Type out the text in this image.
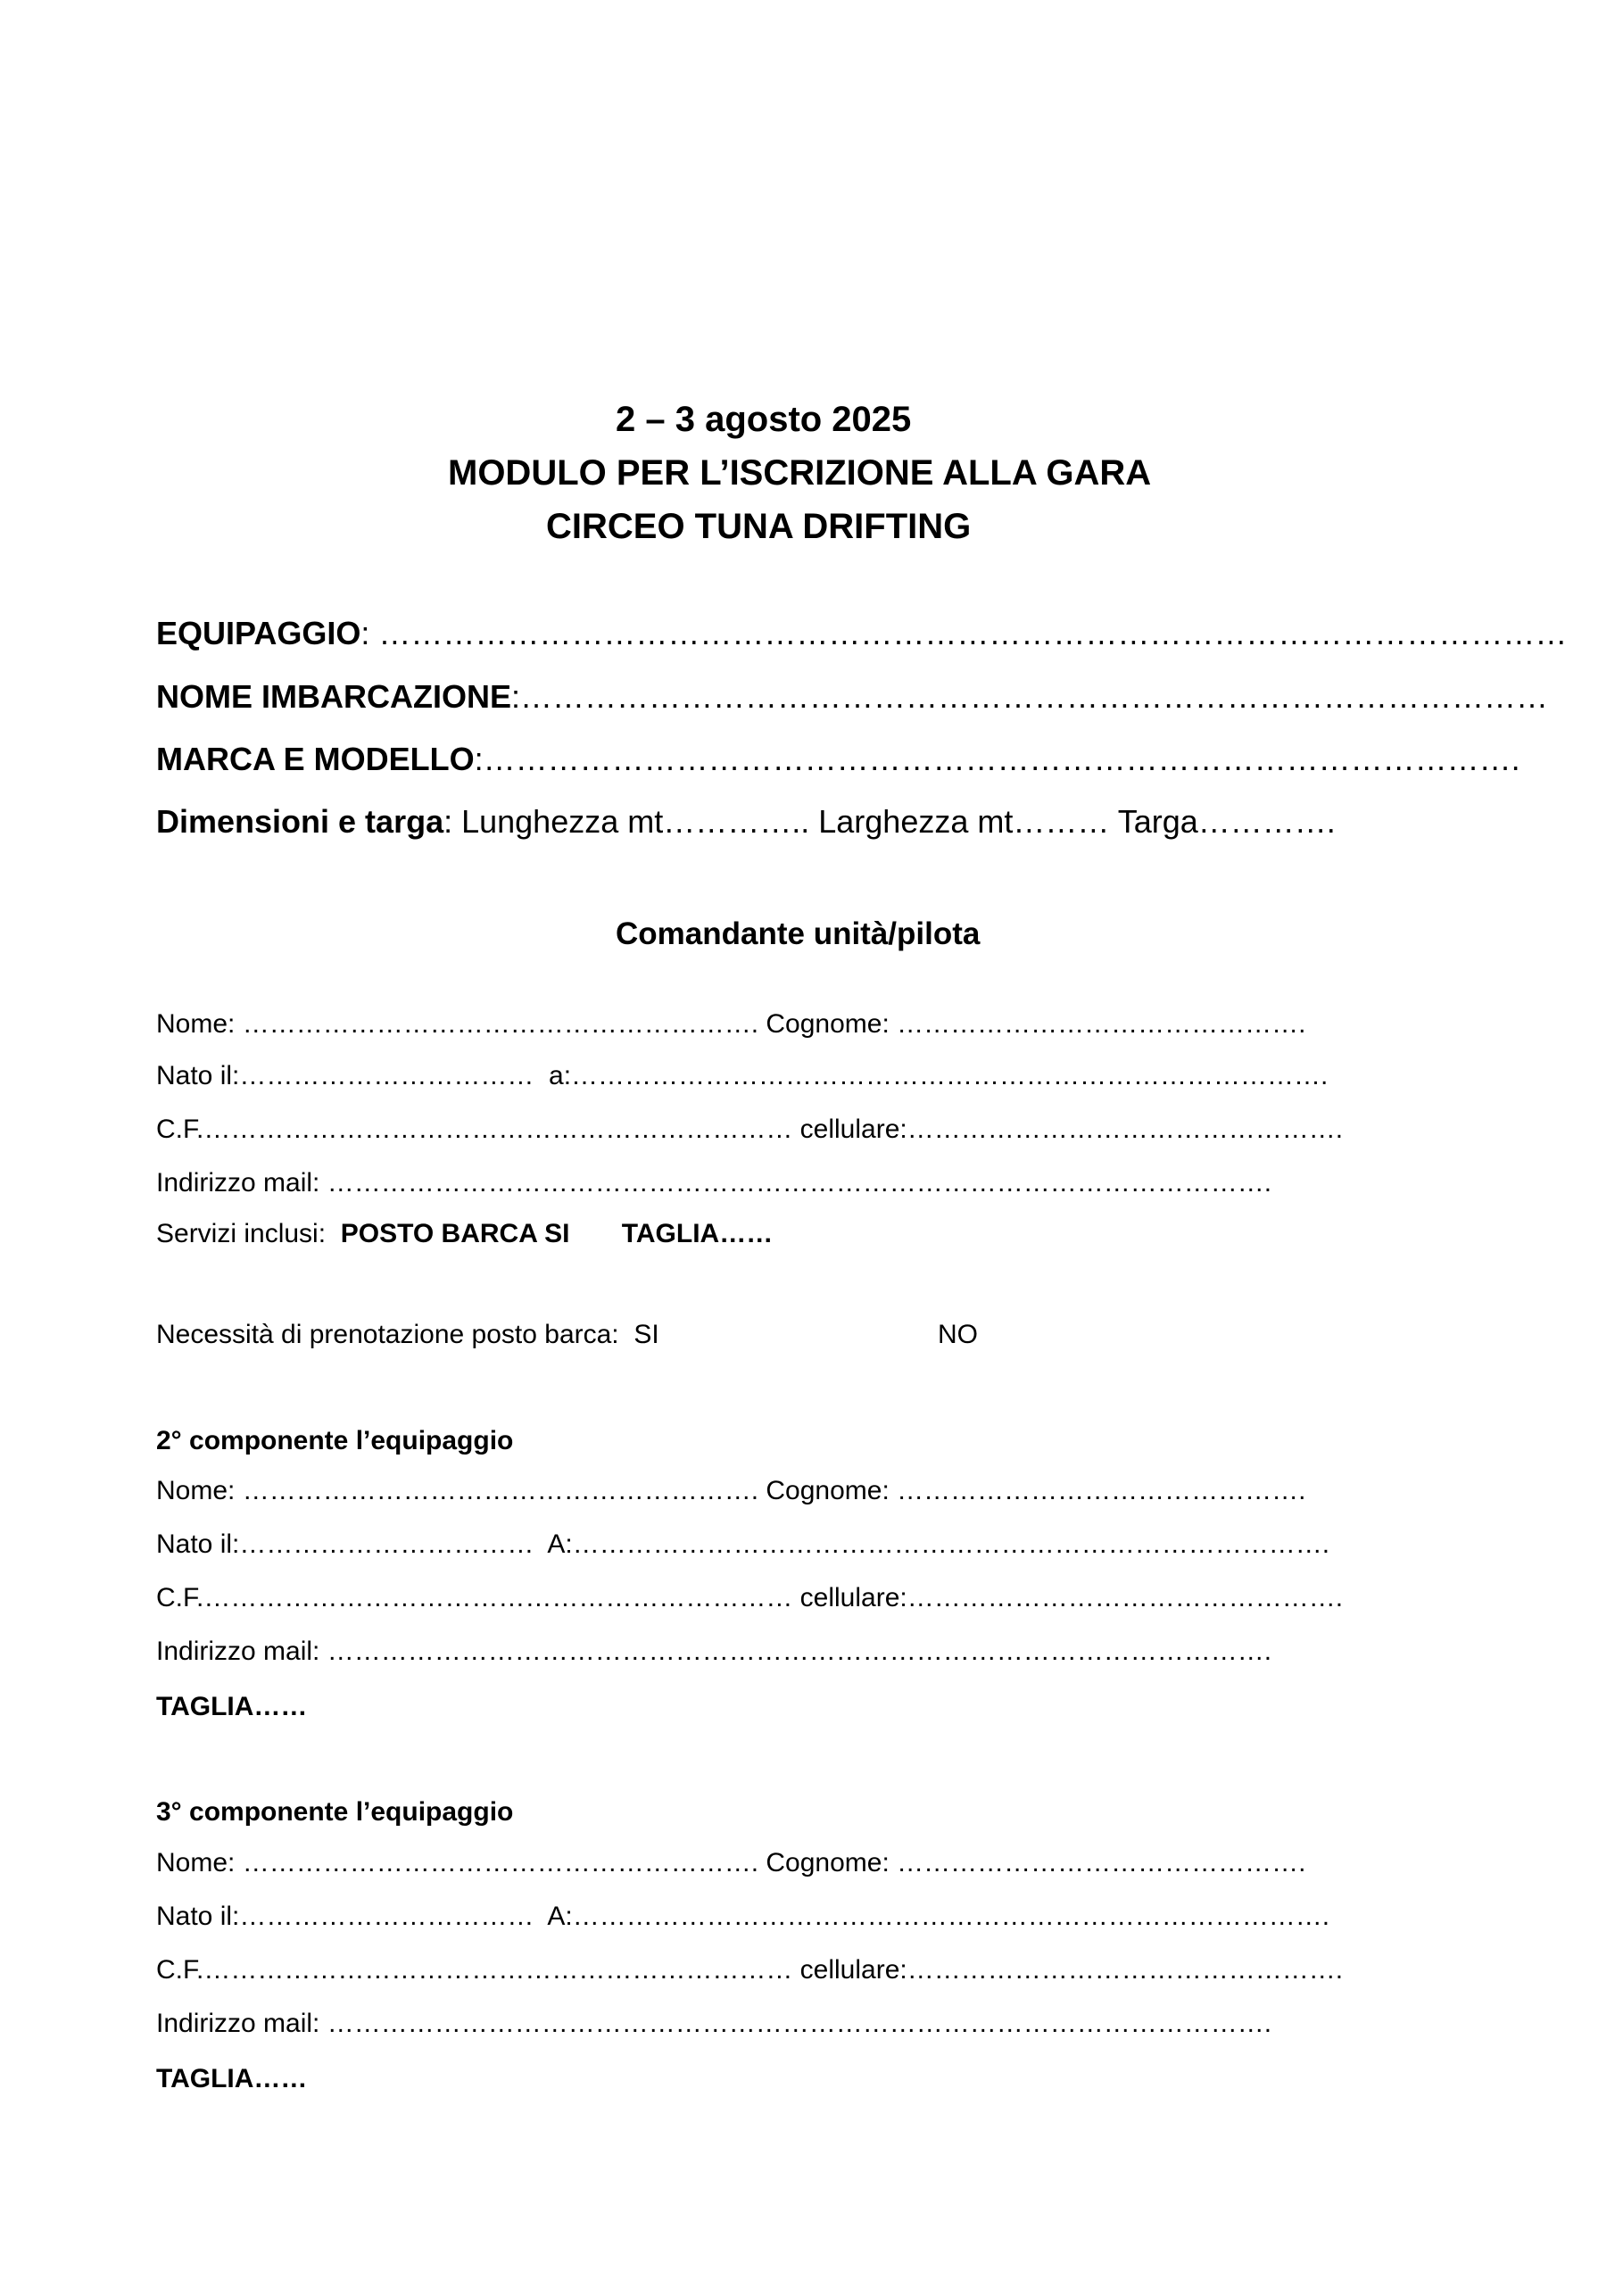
2 – 3 agosto 2025
MODULO PER L’ISCRIZIONE ALLA GARA
CIRCEO TUNA DRIFTING
EQUIPAGGIO: …………………………………………………………………………………………………
NOME IMBARCAZIONE:……………………………………………………………………………………
MARCA E MODELLO:…………………………………………………………………………………….
Dimensioni e targa: Lunghezza mt………….. Larghezza mt……… Targa………….
Comandante unità/pilota
Nome: …………………………………………………. Cognome: ……………………………………….
Nato il:……………………………  a:………………………………………………………………………….
C.F.………………………………………………………… cellulare:………………………………………….
Indirizzo mail: …………………………………………………………………………………………….
Servizi inclusi: POSTO BARCA SI TAGLIA……
Necessità di prenotazione posto barca:  SI	NO
2° componente l’equipaggio
Nome: …………………………………………………. Cognome: ……………………………………….
Nato il:……………………………  A:………………………………………………………………………….
C.F.………………………………………………………… cellulare:………………………………………….
Indirizzo mail: …………………………………………………………………………………………….
TAGLIA……
3° componente l’equipaggio
Nome: …………………………………………………. Cognome: ……………………………………….
Nato il:……………………………  A:………………………………………………………………………….
C.F.………………………………………………………… cellulare:………………………………………….
Indirizzo mail: …………………………………………………………………………………………….
TAGLIA……
